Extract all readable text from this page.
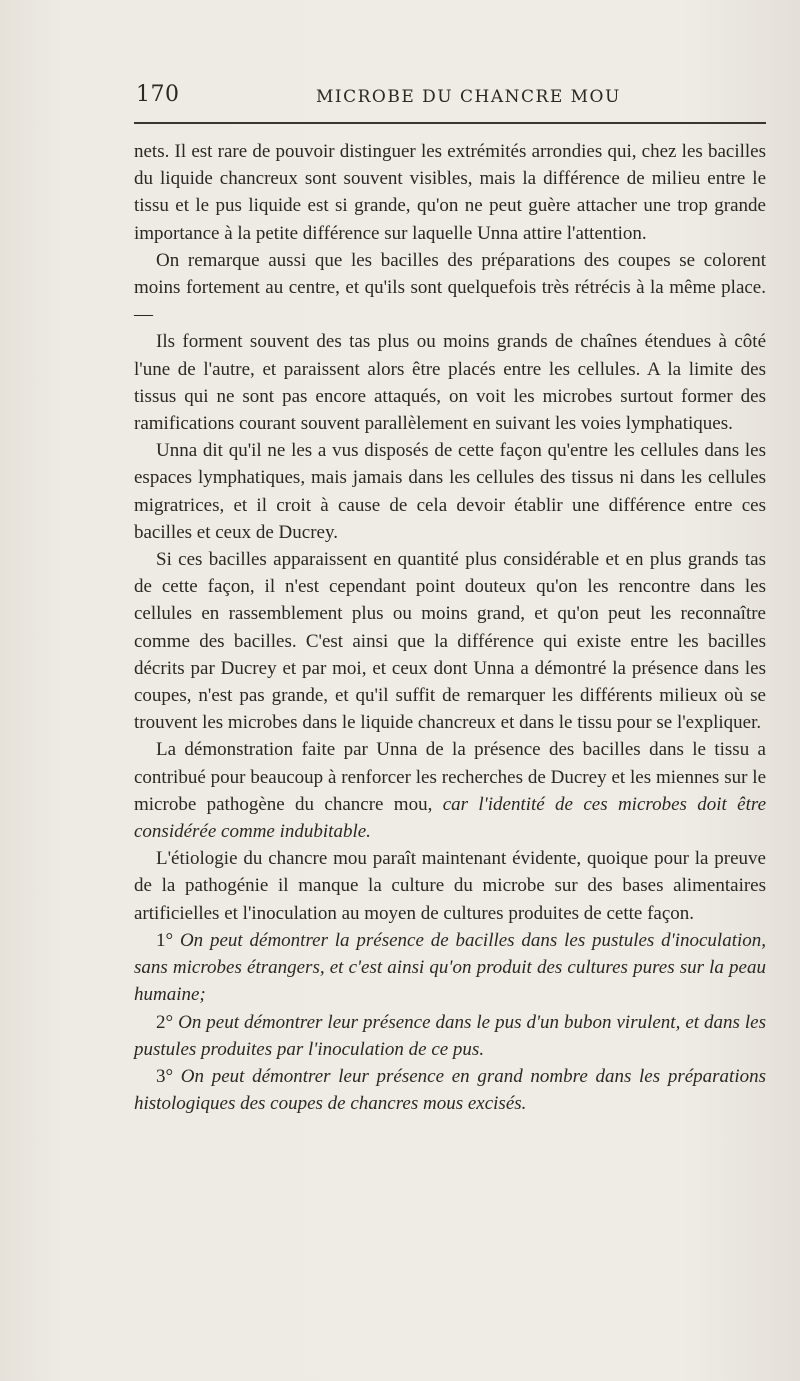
170	MICROBE DU CHANCRE MOU

nets. Il est rare de pouvoir distinguer les extrémités arrondies qui, chez les bacilles du liquide chancreux sont souvent visibles, mais la différence de milieu entre le tissu et le pus liquide est si grande, qu'on ne peut guère attacher une trop grande importance à la petite différence sur laquelle Unna attire l'attention.

On remarque aussi que les bacilles des préparations des coupes se colorent moins fortement au centre, et qu'ils sont quelquefois très rétrécis à la même place. —

Ils forment souvent des tas plus ou moins grands de chaînes étendues à côté l'une de l'autre, et paraissent alors être placés entre les cellules. A la limite des tissus qui ne sont pas encore attaqués, on voit les microbes surtout former des ramifications courant souvent parallèlement en suivant les voies lymphatiques.

Unna dit qu'il ne les a vus disposés de cette façon qu'entre les cellules dans les espaces lymphatiques, mais jamais dans les cellules des tissus ni dans les cellules migratrices, et il croit à cause de cela devoir établir une différence entre ces bacilles et ceux de Ducrey.

Si ces bacilles apparaissent en quantité plus considérable et en plus grands tas de cette façon, il n'est cependant point douteux qu'on les rencontre dans les cellules en rassemblement plus ou moins grand, et qu'on peut les reconnaître comme des bacilles. C'est ainsi que la différence qui existe entre les bacilles décrits par Ducrey et par moi, et ceux dont Unna a démontré la présence dans les coupes, n'est pas grande, et qu'il suffit de remarquer les différents milieux où se trouvent les microbes dans le liquide chancreux et dans le tissu pour se l'expliquer.

La démonstration faite par Unna de la présence des bacilles dans le tissu a contribué pour beaucoup à renforcer les recherches de Ducrey et les miennes sur le microbe pathogène du chancre mou, car l'identité de ces microbes doit être considérée comme indubitable.

L'étiologie du chancre mou paraît maintenant évidente, quoique pour la preuve de la pathogénie il manque la culture du microbe sur des bases alimentaires artificielles et l'inoculation au moyen de cultures produites de cette façon.

1° On peut démontrer la présence de bacilles dans les pustules d'inoculation, sans microbes étrangers, et c'est ainsi qu'on produit des cultures pures sur la peau humaine;

2° On peut démontrer leur présence dans le pus d'un bubon virulent, et dans les pustules produites par l'inoculation de ce pus.

3° On peut démontrer leur présence en grand nombre dans les préparations histologiques des coupes de chancres mous excisés.
